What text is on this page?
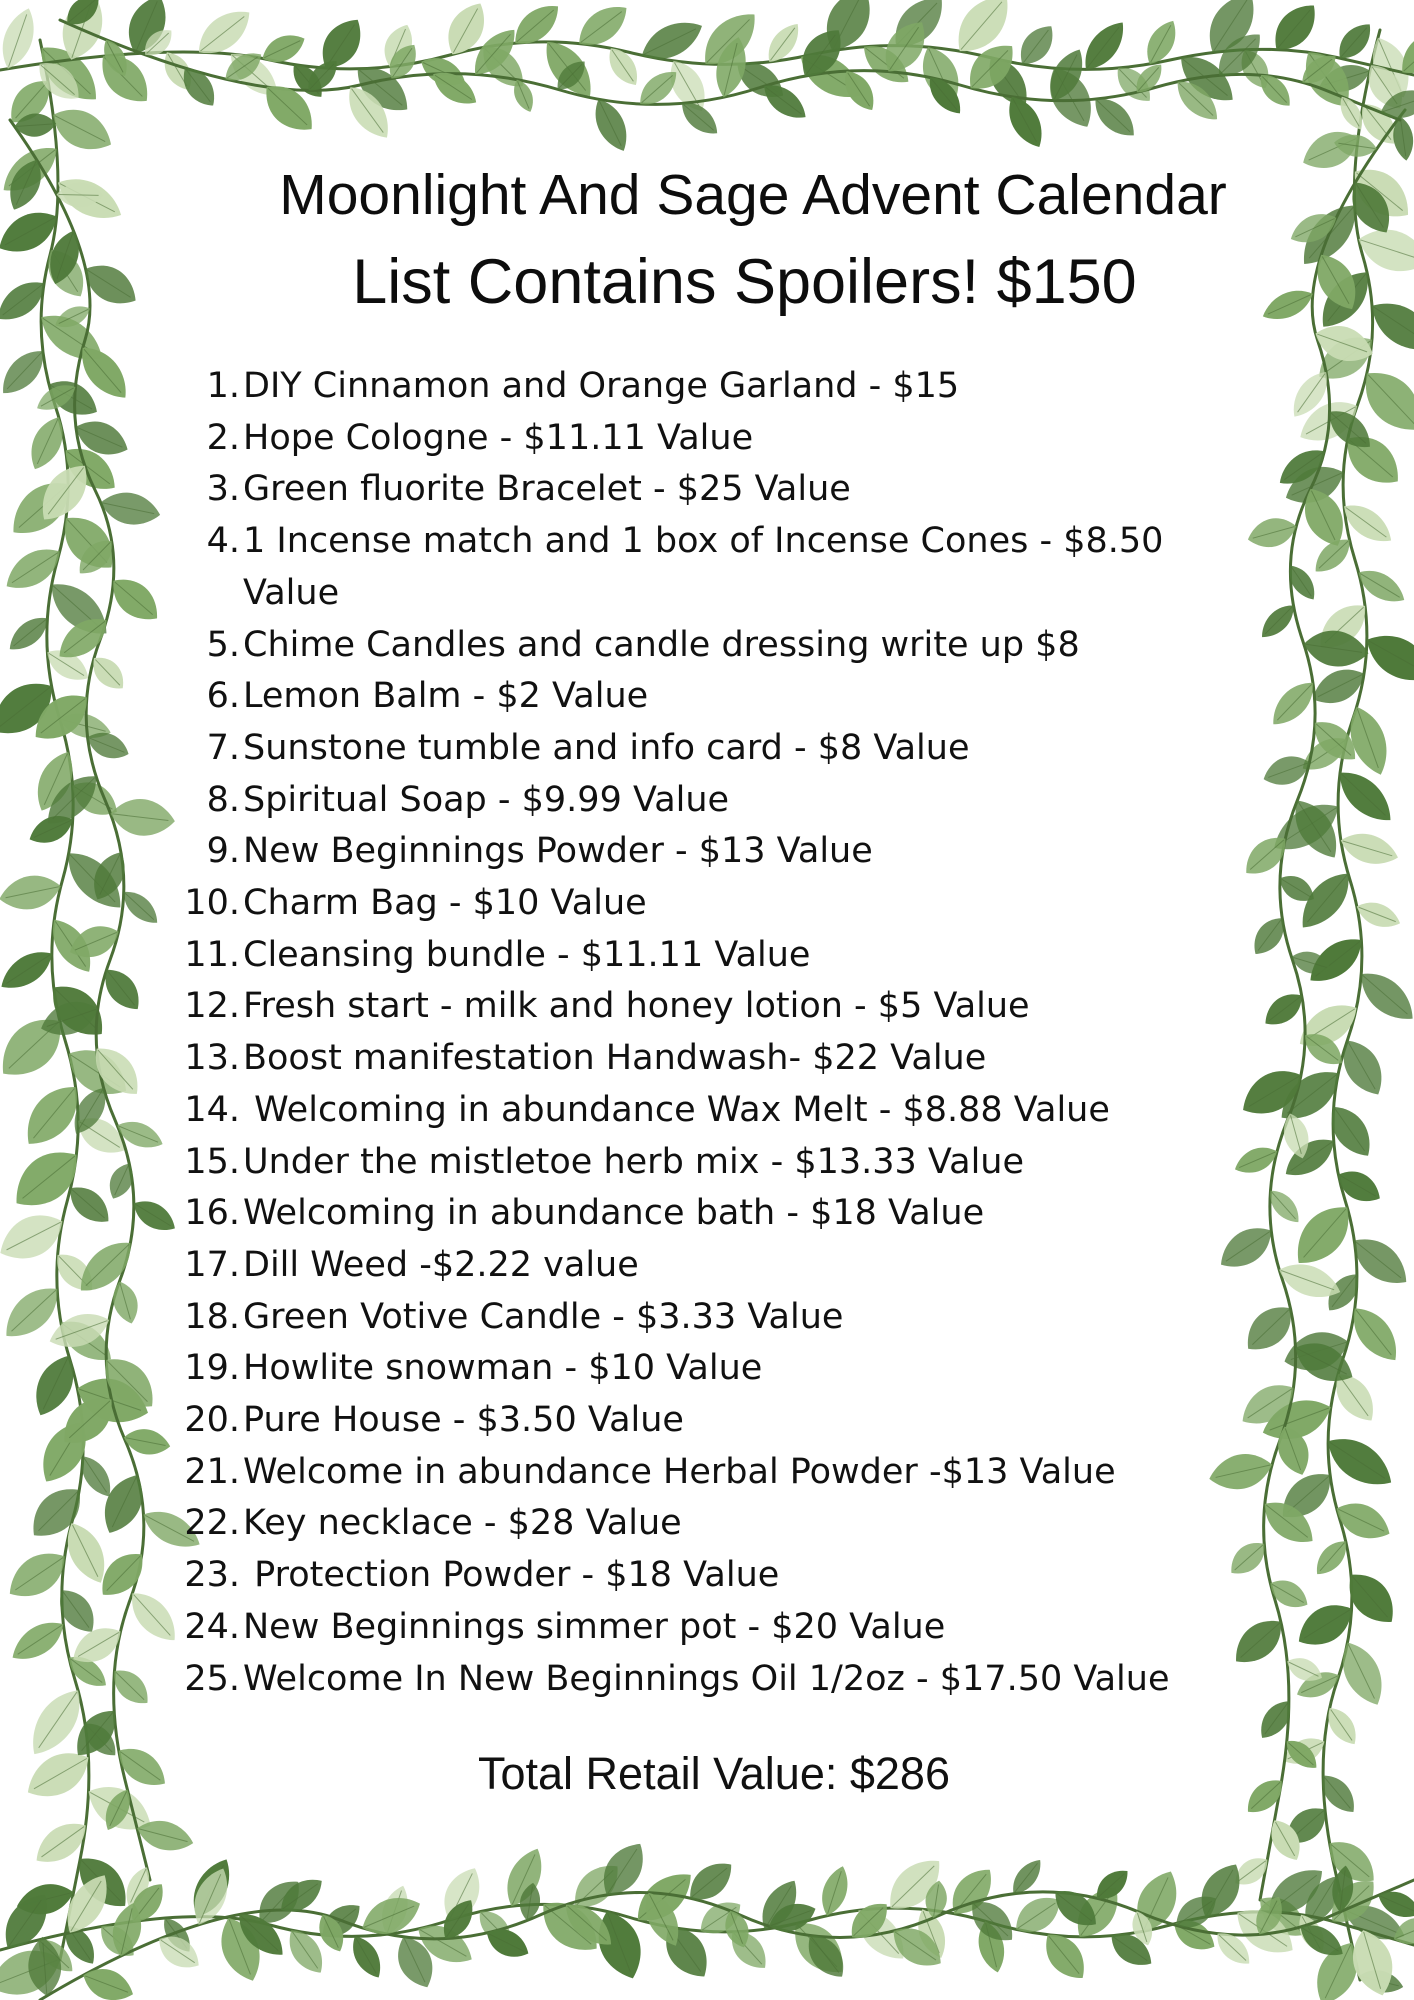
Moonlight And Sage Advent Calendar
List Contains Spoilers! $150
1. DIY Cinnamon and Orange Garland - $15
2. Hope Cologne - $11.11 Value
3. Green fluorite Bracelet - $25 Value
4. 1 Incense match and 1 box of Incense Cones - $8.50
Value
5. Chime Candles and candle dressing write up $8
6. Lemon Balm - $2 Value
7. Sunstone tumble and info card - $8 Value
8. Spiritual Soap - $9.99 Value
9. New Beginnings Powder - $13 Value
10. Charm Bag - $10 Value
11. Cleansing bundle - $11.11 Value
12. Fresh start - milk and honey lotion - $5 Value
13. Boost manifestation Handwash- $22 Value
14. Welcoming in abundance Wax Melt - $8.88 Value
15. Under the mistletoe herb mix - $13.33 Value
16. Welcoming in abundance bath - $18 Value
17. Dill Weed -$2.22 value
18. Green Votive Candle - $3.33 Value
19. Howlite snowman - $10 Value
20. Pure House - $3.50 Value
21. Welcome in abundance Herbal Powder -$13 Value
22. Key necklace - $28 Value
23. Protection Powder - $18 Value
24. New Beginnings simmer pot - $20 Value
25. Welcome In New Beginnings Oil 1/2oz - $17.50 Value
Total Retail Value: $286
